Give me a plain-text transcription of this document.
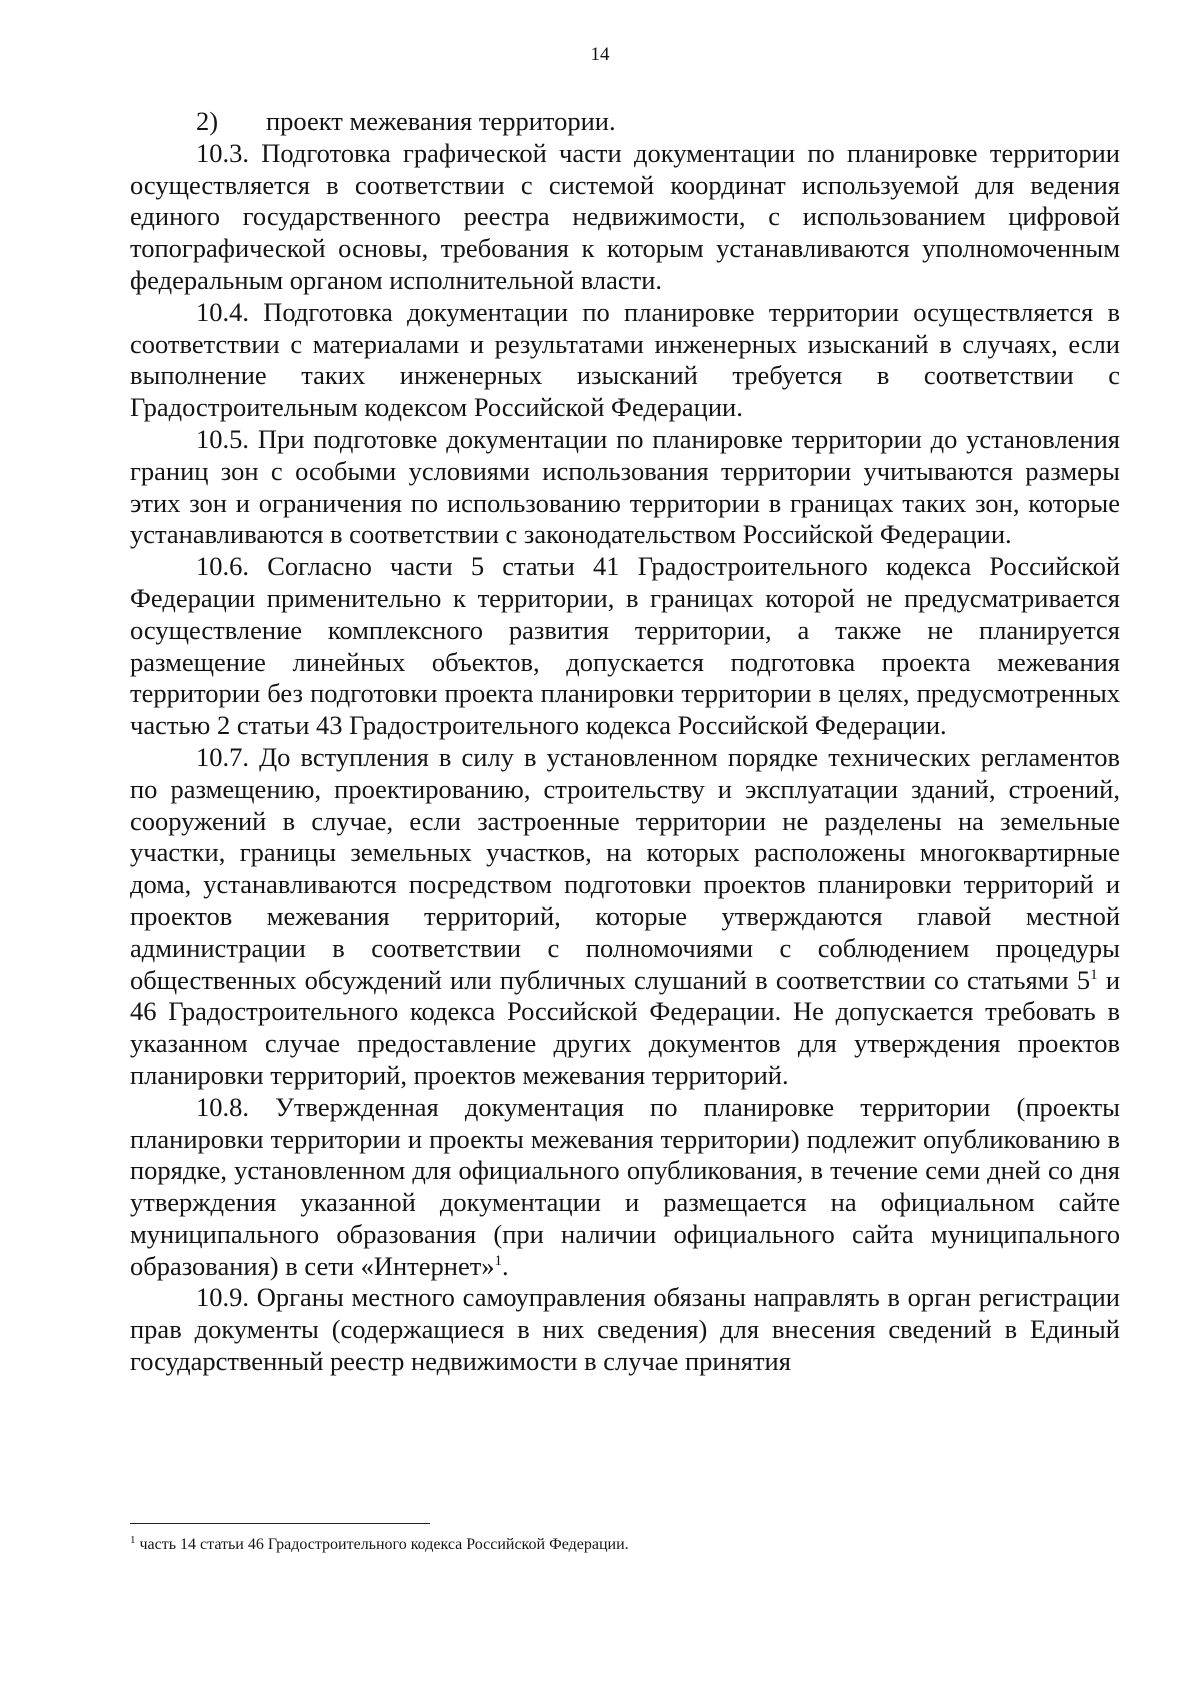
14

2) проект межевания территории.

10.3. Подготовка графической части документации по планировке территории осуществляется в соответствии с системой координат используемой для ведения единого государственного реестра недвижимости, с использованием цифровой топографической основы, требования к которым устанавливаются уполномоченным федеральным органом исполнительной власти.

10.4. Подготовка документации по планировке территории осуществляется в соответствии с материалами и результатами инженерных изысканий в случаях, если выполнение таких инженерных изысканий требуется в соответствии с Градостроительным кодексом Российской Федерации.

10.5. При подготовке документации по планировке территории до установления границ зон с особыми условиями использования территории учитываются размеры этих зон и ограничения по использованию территории в границах таких зон, которые устанавливаются в соответствии с законодательством Российской Федерации.

10.6. Согласно части 5 статьи 41 Градостроительного кодекса Российской Федерации применительно к территории, в границах которой не предусматривается осуществление комплексного развития территории, а также не планируется размещение линейных объектов, допускается подготовка проекта межевания территории без подготовки проекта планировки территории в целях, предусмотренных частью 2 статьи 43 Градостроительного кодекса Российской Федерации.

10.7. До вступления в силу в установленном порядке технических регламентов по размещению, проектированию, строительству и эксплуатации зданий, строений, сооружений в случае, если застроенные территории не разделены на земельные участки, границы земельных участков, на которых расположены многоквартирные дома, устанавливаются посредством подготовки проектов планировки территорий и проектов межевания территорий, которые утверждаются главой местной администрации в соответствии с полномочиями с соблюдением процедуры общественных обсуждений или публичных слушаний в соответствии со статьями $5^1$ и 46 Градостроительного кодекса Российской Федерации. Не допускается требовать в указанном случае предоставление других документов для утверждения проектов планировки территорий, проектов межевания территорий.

10.8. Утвержденная документация по планировке территории (проекты планировки территории и проекты межевания территории) подлежит опубликованию в порядке, установленном для официального опубликования, в течение семи дней со дня утверждения указанной документации и размещается на официальном сайте муниципального образования (при наличии официального сайта муниципального образования) в сети «Интернет»$^1$.

10.9. Органы местного самоуправления обязаны направлять в орган регистрации прав документы (содержащиеся в них сведения) для внесения сведений в Единый государственный реестр недвижимости в случае принятия

$^1$ часть 14 статьи 46 Градостроительного кодекса Российской Федерации.
